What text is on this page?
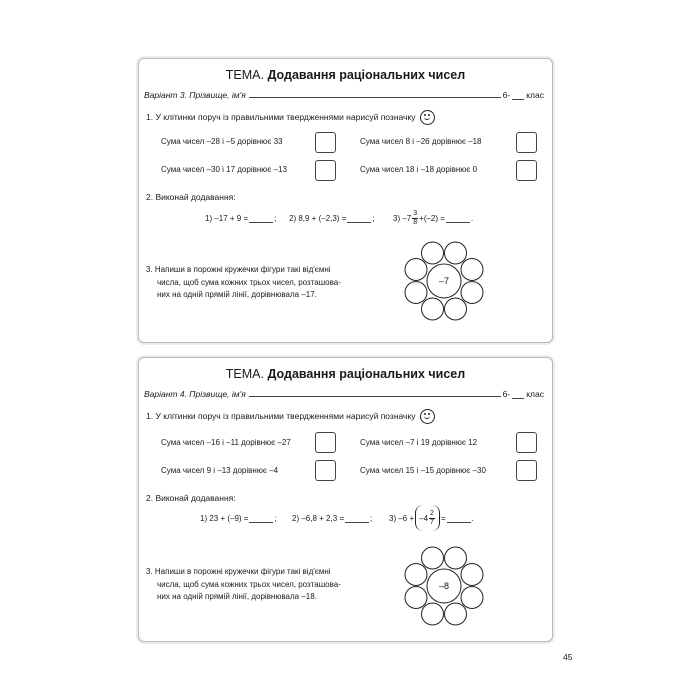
ТЕМА. Додавання раціональних чисел
Варіант 3. Прізвище, ім'я	6- клас
1. У клітинки поруч із правильними твердженнями нарисуй позначку
Сума чисел –28 і –5 дорівнює 33	Сума чисел 8 і –26 дорівнює –18
Сума чисел –30 і 17 дорівнює –13	Сума чисел 18 і –18 дорівнює 0
2. Виконай додавання:
1) –17 + 9 =	; 2) 8,9 + (–2,3) =	; 3) $-7 \frac{3}{8} +(-2)$ =	.
3. Напиши в порожні кружечки фігури такі від'ємні
числа, щоб сума кожних трьох чисел, розташова-
них на одній прямій лінії, дорівнювала –17.
–7
ТЕМА. Додавання раціональних чисел
Варіант 4. Прізвище, ім'я	6- клас
1. У клітинки поруч із правильними твердженнями нарисуй позначку
Сума чисел –16 і –11 дорівнює –27	Сума чисел –7 і 19 дорівнює 12
Сума чисел 9 і –13 дорівнює –4	Сума чисел 15 і –15 дорівнює –30
2. Виконай додавання:
1) 23 + (–9) =	; 2) –6,8 + 2,3 =	; 3) $-6 + -4 \frac{2}{7}$ =	.
3. Напиши в порожні кружечки фігури такі від'ємні
числа, щоб сума кожних трьох чисел, розташова-
них на одній прямій лінії, дорівнювала –18.
–8
45
